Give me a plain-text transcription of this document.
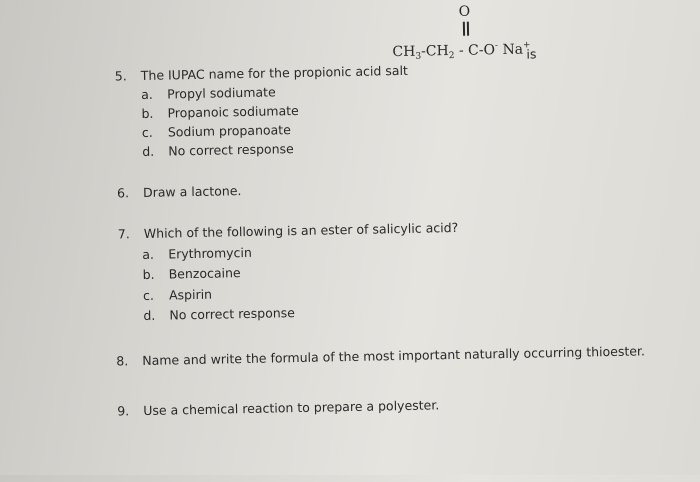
5. The IUPAC name for the propionic acid salt
O
$CH_3-CH_2 - C-O^-$ Na+
is
a. Propyl sodiumate
b. Propanoic sodiumate
c. Sodium propanoate
d. No correct response
6. Draw a lactone.
7. Which of the following is an ester of salicylic acid?
a. Erythromycin
b. Benzocaine
c. Aspirin
d. No correct response
8. Name and write the formula of the most important naturally occurring thioester.
9. Use a chemical reaction to prepare a polyester.
